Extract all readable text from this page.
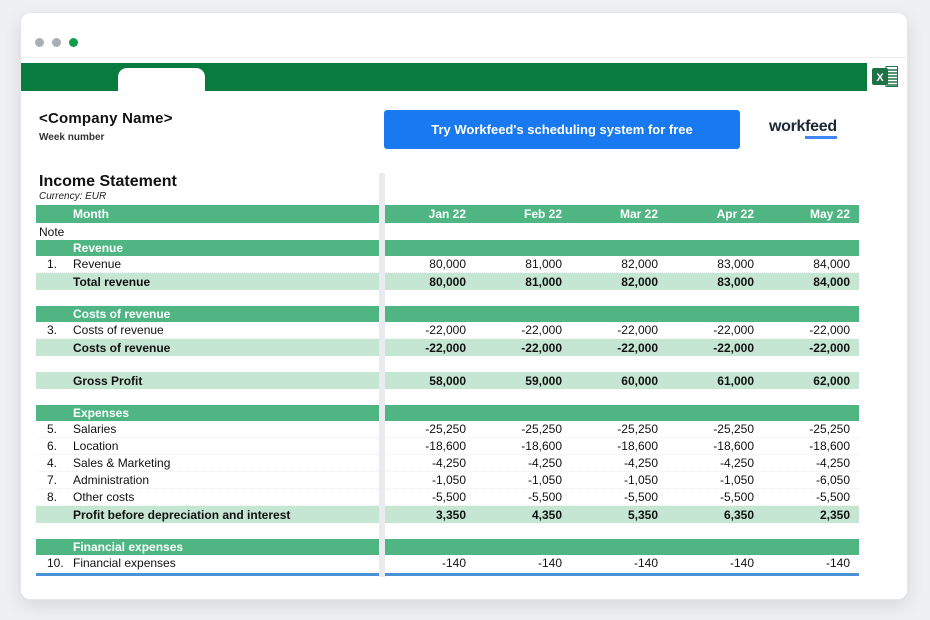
X
<Company Name>
Week number
Try Workfeed's scheduling system for free	workfeed
Income Statement
Currency: EUR
Month	Jan 22	Feb 22	Mar 22	Apr 22	May 22
Note
Revenue
1.	Revenue	80,000	81,000	82,000	83,000	84,000
Total revenue	80,000	81,000	82,000	83,000	84,000
Costs of revenue
3.	Costs of revenue	-22,000	-22,000	-22,000	-22,000	-22,000
Costs of revenue	-22,000	-22,000	-22,000	-22,000	-22,000
Gross Profit	58,000	59,000	60,000	61,000	62,000
Expenses
5.	Salaries	-25,250	-25,250	-25,250	-25,250	-25,250
6.	Location	-18,600	-18,600	-18,600	-18,600	-18,600
4.	Sales & Marketing	-4,250	-4,250	-4,250	-4,250	-4,250
7.	Administration	-1,050	-1,050	-1,050	-1,050	-6,050
8.	Other costs	-5,500	-5,500	-5,500	-5,500	-5,500
Profit before depreciation and interest	3,350	4,350	5,350	6,350	2,350
Financial expenses
10. Financial expenses	-140	-140	-140	-140	-140
